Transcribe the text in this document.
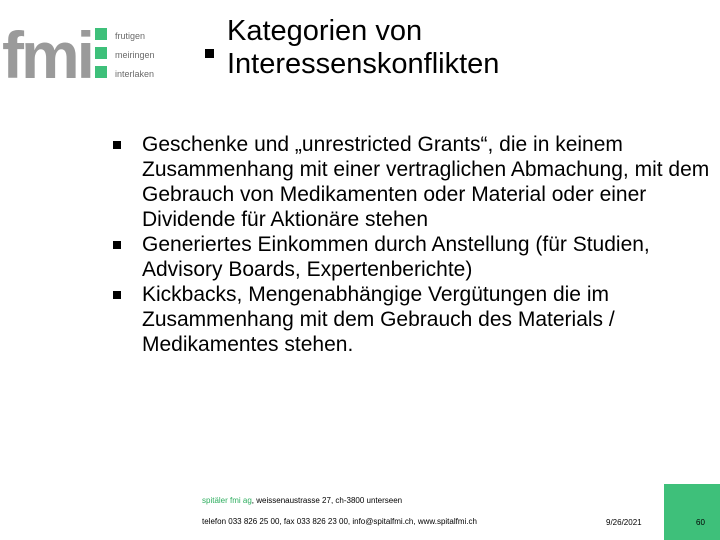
fmi	frutigen
meiringen
interlaken
Kategorien von Interessenskonflikten
Geschenke und „unrestricted Grants“, die in keinem Zusammenhang mit einer vertraglichen Abmachung, mit dem Gebrauch von Medikamenten oder Material oder einer Dividende für Aktionäre stehen
Generiertes Einkommen durch Anstellung (für Studien, Advisory Boards, Expertenberichte)
Kickbacks, Mengenabhängige Vergütungen die im Zusammenhang mit dem Gebrauch des Materials / Medikamentes stehen.
spitäler fmi ag, weissenaustrasse 27, ch-3800 unterseen
telefon 033 826 25 00, fax 033 826 23 00, info@spitalfmi.ch, www.spitalfmi.ch	9/26/2021	60
